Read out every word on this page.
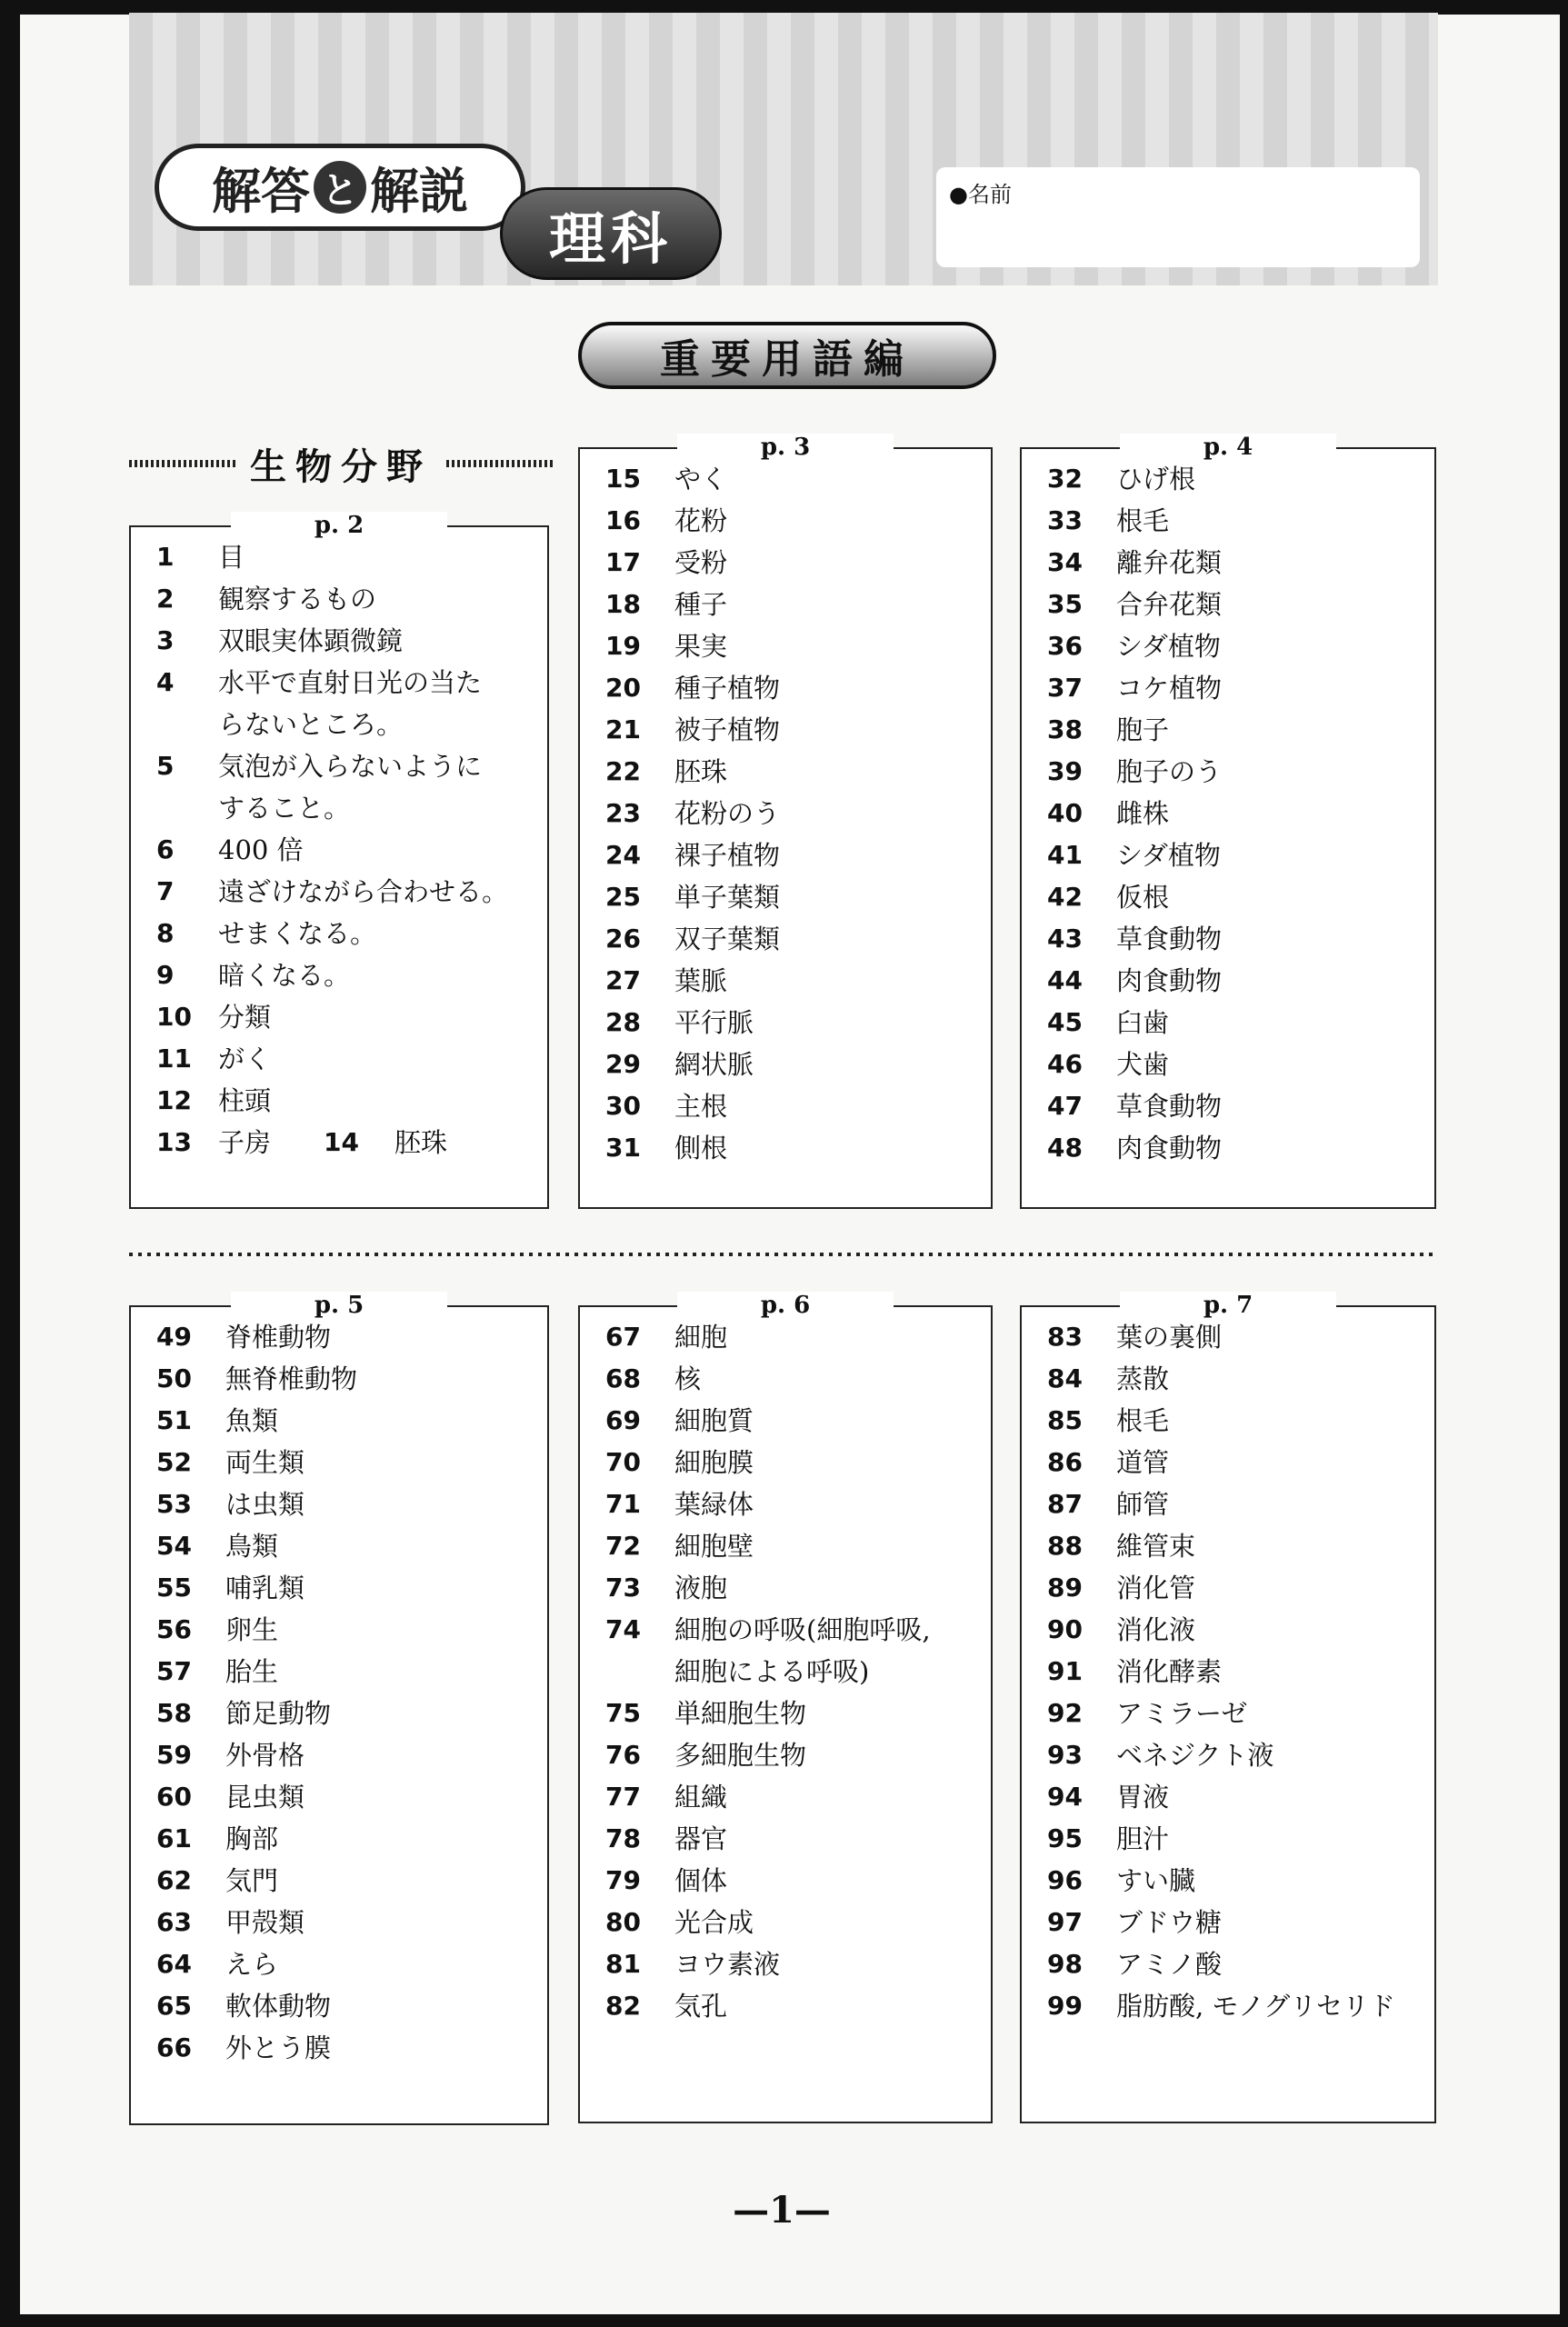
解答 と 解説
理科
●名前
重要用語編
生物分野
p. 2
1	目
2	観察するもの
3	双眼実体顕微鏡
4	水平で直射日光の当た
らないところ。
5	気泡が入らないように
すること。
6	400 倍
7	遠ざけながら合わせる。
8	せまくなる。
9	暗くなる。
10	分類
11	がく
12	柱頭
13	子房 14	胚珠
p. 3
15	やく
16	花粉
17	受粉
18	種子
19	果実
20	種子植物
21	被子植物
22	胚珠
23	花粉のう
24	裸子植物
25	単子葉類
26	双子葉類
27	葉脈
28	平行脈
29	網状脈
30	主根
31	側根
p. 4
32	ひげ根
33	根毛
34	離弁花類
35	合弁花類
36	シダ植物
37	コケ植物
38	胞子
39	胞子のう
40	雌株
41	シダ植物
42	仮根
43	草食動物
44	肉食動物
45	臼歯
46	犬歯
47	草食動物
48	肉食動物
p. 5
49	脊椎動物
50	無脊椎動物
51	魚類
52	両生類
53	は虫類
54	鳥類
55	哺乳類
56	卵生
57	胎生
58	節足動物
59	外骨格
60	昆虫類
61	胸部
62	気門
63	甲殻類
64	えら
65	軟体動物
66	外とう膜
p. 6
67	細胞
68	核
69	細胞質
70	細胞膜
71	葉緑体
72	細胞壁
73	液胞
74	細胞の呼吸(細胞呼吸,
細胞による呼吸)
75	単細胞生物
76	多細胞生物
77	組織
78	器官
79	個体
80	光合成
81	ヨウ素液
82	気孔
p. 7
83	葉の裏側
84	蒸散
85	根毛
86	道管
87	師管
88	維管束
89	消化管
90	消化液
91	消化酵素
92	アミラーゼ
93	ベネジクト液
94	胃液
95	胆汁
96	すい臓
97	ブドウ糖
98	アミノ酸
99	脂肪酸, モノグリセリド
—1—
